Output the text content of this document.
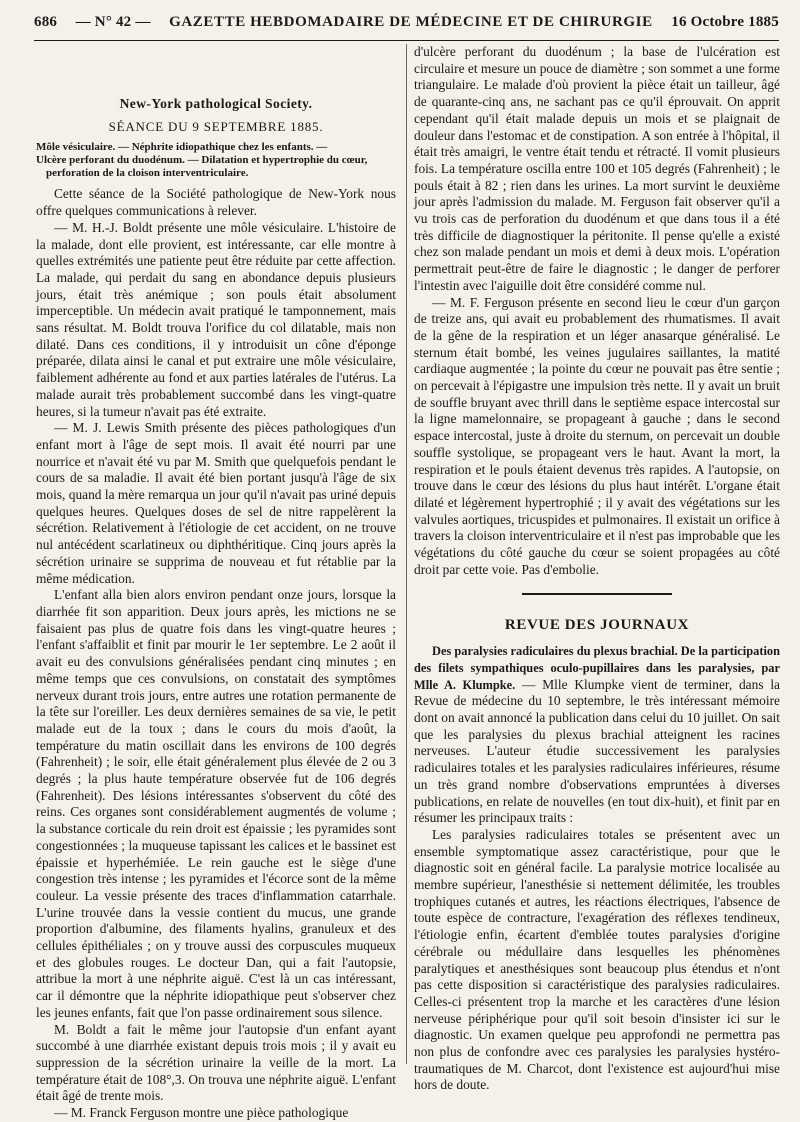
686 — N° 42 — GAZETTE HEBDOMADAIRE DE MÉDECINE ET DE CHIRURGIE 16 Octobre 1885
New-York pathological Society.
SÉANCE DU 9 SEPTEMBRE 1885.
Môle vésiculaire. — Néphrite idiopathique chez les enfants. —
Ulcère perforant du duodénum. — Dilatation et hypertrophie du cœur, perforation de la cloison interventriculaire.

Cette séance de la Société pathologique de New-York nous offre quelques communications à relever.

— M. H.-J. Boldt présente une môle vésiculaire. L'histoire de la malade, dont elle provient, est intéressante, car elle montre à quelles extrémités une patiente peut être réduite par cette affection. La malade, qui perdait du sang en abondance depuis plusieurs jours, était très anémique ; son pouls était absolument imperceptible. Un médecin avait pratiqué le tamponnement, mais sans résultat. M. Boldt trouva l'orifice du col dilatable, mais non dilaté. Dans ces conditions, il y introduisit un cône d'éponge préparée, dilata ainsi le canal et put extraire une môle vésiculaire, faiblement adhérente au fond et aux parties latérales de l'utérus. La malade aurait très probablement succombé dans les vingt-quatre heures, si la tumeur n'avait pas été extraite.

— M. J. Lewis Smith présente des pièces pathologiques d'un enfant mort à l'âge de sept mois. Il avait été nourri par une nourrice et n'avait été vu par M. Smith que quelquefois pendant le cours de sa maladie. Il avait été bien portant jusqu'à l'âge de six mois, quand la mère remarqua un jour qu'il n'avait pas uriné depuis quelques heures. Quelques doses de sel de nitre rappelèrent la sécrétion. Relativement à l'étiologie de cet accident, on ne trouve nul antécédent scarlatineux ou diphthéritique. Cinq jours après la sécrétion urinaire se supprima de nouveau et fut rétablie par la même médication.

L'enfant alla bien alors environ pendant onze jours, lorsque la diarrhée fit son apparition. Deux jours après, les mictions ne se faisaient pas plus de quatre fois dans les vingt-quatre heures ; l'enfant s'affaiblit et finit par mourir le 1er septembre. Le 2 août il avait eu des convulsions généralisées pendant cinq minutes ; en même temps que ces convulsions, on constatait des symptômes nerveux durant trois jours, entre autres une rotation permanente de la tête sur l'oreiller. Les deux dernières semaines de sa vie, le petit malade eut de la toux ; dans le cours du mois d'août, la température du matin oscillait dans les environs de 100 degrés (Fahrenheit) ; le soir, elle était généralement plus élevée de 2 ou 3 degrés ; la plus haute température observée fut de 106 degrés (Fahrenheit). Des lésions intéressantes s'observent du côté des reins. Ces organes sont considérablement augmentés de volume ; la substance corticale du rein droit est épaissie ; les pyramides sont congestionnées ; la muqueuse tapissant les calices et le bassinet est épaissie et hyperhémiée. Le rein gauche est le siège d'une congestion très intense ; les pyramides et l'écorce sont de la même couleur. La vessie présente des traces d'inflammation catarrhale. L'urine trouvée dans la vessie contient du mucus, une grande proportion d'albumine, des filaments hyalins, granuleux et des cellules épithéliales ; on y trouve aussi des corpuscules muqueux et des globules rouges. Le docteur Dan, qui a fait l'autopsie, attribue la mort à une néphrite aiguë. C'est là un cas intéressant, car il démontre que la néphrite idiopathique peut s'observer chez les jeunes enfants, fait que l'on passe ordinairement sous silence.

M. Boldt a fait le même jour l'autopsie d'un enfant ayant succombé à une diarrhée existant depuis trois mois ; il y avait eu suppression de la sécrétion urinaire la veille de la mort. La température était de 108°,3. On trouva une néphrite aiguë. L'enfant était âgé de trente mois.

— M. Franck Ferguson montre une pièce pathologique

d'ulcère perforant du duodénum ; la base de l'ulcération est circulaire et mesure un pouce de diamètre ; son sommet a une forme triangulaire. Le malade d'où provient la pièce était un tailleur, âgé de quarante-cinq ans, ne sachant pas ce qu'il éprouvait. On apprit cependant qu'il était malade depuis un mois et se plaignait de douleur dans l'estomac et de constipation. A son entrée à l'hôpital, il était très amaigri, le ventre était tendu et rétracté. Il vomit plusieurs fois. La température oscilla entre 100 et 105 degrés (Fahrenheit) ; le pouls était à 82 ; rien dans les urines. La mort survint le deuxième jour après l'admission du malade. M. Ferguson fait observer qu'il a vu trois cas de perforation du duodénum et que dans tous il a été très difficile de diagnostiquer la péritonite. Il pense qu'elle a existé chez son malade pendant un mois et demi à deux mois. L'opération permettrait peut-être de faire le diagnostic ; le danger de perforer l'intestin avec l'aiguille doit être considéré comme nul.

— M. F. Ferguson présente en second lieu le cœur d'un garçon de treize ans, qui avait eu probablement des rhumatismes. Il avait de la gêne de la respiration et un léger anasarque généralisé. Le sternum était bombé, les veines jugulaires saillantes, la matité cardiaque augmentée ; la pointe du cœur ne pouvait pas être sentie ; on percevait à l'épigastre une impulsion très nette. Il y avait un bruit de souffle bruyant avec thrill dans le septième espace intercostal sur la ligne mamelonnaire, se propageant à gauche ; dans le second espace intercostal, juste à droite du sternum, on percevait un double souffle systolique, se propageant vers le haut. Avant la mort, la respiration et le pouls étaient devenus très rapides. A l'autopsie, on trouve dans le cœur des lésions du plus haut intérêt. L'organe était dilaté et légèrement hypertrophié ; il y avait des végétations sur les valvules aortiques, tricuspides et pulmonaires. Il existait un orifice à travers la cloison interventriculaire et il n'est pas improbable que les végétations du côté gauche du cœur se soient propagées au côté droit par cette voie. Pas d'embolie.

REVUE DES JOURNAUX

Des paralysies radiculaires du plexus brachial. De la participation des filets sympathiques oculo-pupillaires dans les paralysies, par Mlle A. Klumpke. — Mlle Klumpke vient de terminer, dans la Revue de médecine du 10 septembre, le très intéressant mémoire dont on avait annoncé la publication dans celui du 10 juillet. On sait que les paralysies du plexus brachial atteignent les racines nerveuses. L'auteur étudie successivement les paralysies radiculaires totales et les paralysies radiculaires inférieures, résume un très grand nombre d'observations empruntées à diverses publications, en relate de nouvelles (en tout dix-huit), et finit par en résumer les principaux traits :

Les paralysies radiculaires totales se présentent avec un ensemble symptomatique assez caractéristique, pour que le diagnostic soit en général facile. La paralysie motrice localisée au membre supérieur, l'anesthésie si nettement délimitée, les troubles trophiques cutanés et autres, les réactions électriques, l'absence de toute espèce de contracture, l'exagération des réflexes tendineux, l'étiologie enfin, écartent d'emblée toutes paralysies d'origine cérébrale ou médullaire dans lesquelles les phénomènes paralytiques et anesthésiques sont beaucoup plus étendus et n'ont pas cette disposition si caractéristique des paralysies radiculaires. Celles-ci présentent trop la marche et les caractères d'une lésion nerveuse périphérique pour qu'il soit besoin d'insister ici sur le diagnostic. Un examen quelque peu approfondi ne permettra pas non plus de confondre avec ces paralysies les paralysies hystéro-traumatiques de M. Charcot, dont l'existence est aujourd'hui mise hors de doute.
